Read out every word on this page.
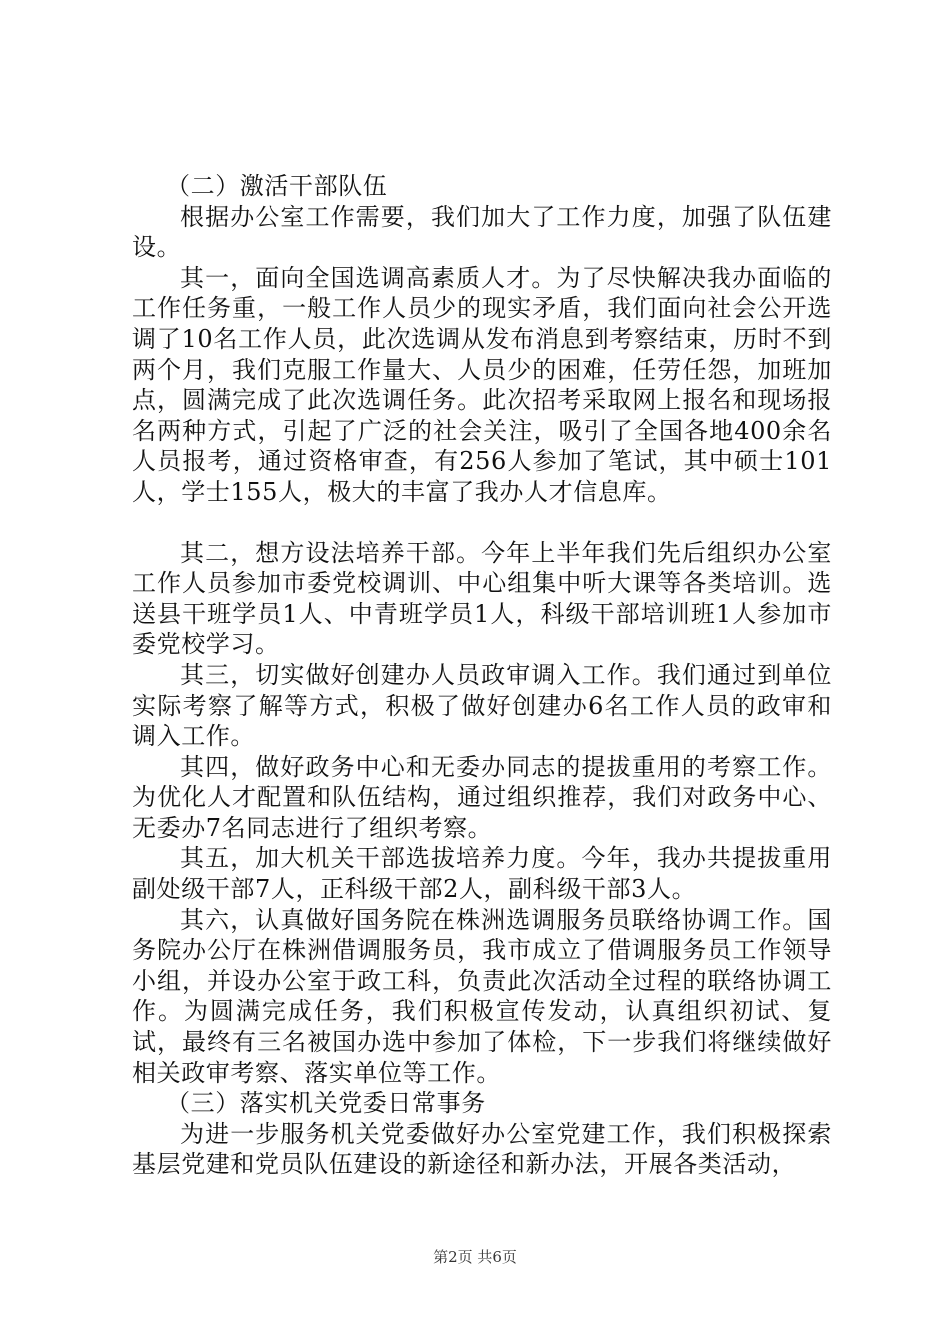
（二）激活干部队伍

根据办公室工作需要，我们加大了工作力度，加强了队伍建设。

其一，面向全国选调高素质人才。为了尽快解决我办面临的工作任务重，一般工作人员少的现实矛盾，我们面向社会公开选调了10名工作人员，此次选调从发布消息到考察结束，历时不到两个月，我们克服工作量大、人员少的困难，任劳任怨，加班加点，圆满完成了此次选调任务。此次招考采取网上报名和现场报名两种方式，引起了广泛的社会关注，吸引了全国各地400余名人员报考，通过资格审查，有256人参加了笔试，其中硕士101人，学士155人，极大的丰富了我办人才信息库。

其二，想方设法培养干部。今年上半年我们先后组织办公室工作人员参加市委党校调训、中心组集中听大课等各类培训。选送县干班学员1人、中青班学员1人，科级干部培训班1人参加市委党校学习。

其三，切实做好创建办人员政审调入工作。我们通过到单位实际考察了解等方式，积极了做好创建办6名工作人员的政审和调入工作。

其四，做好政务中心和无委办同志的提拔重用的考察工作。为优化人才配置和队伍结构，通过组织推荐，我们对政务中心、无委办7名同志进行了组织考察。

其五，加大机关干部选拔培养力度。今年，我办共提拔重用副处级干部7人，正科级干部2人，副科级干部3人。

其六，认真做好国务院在株洲选调服务员联络协调工作。国务院办公厅在株洲借调服务员，我市成立了借调服务员工作领导小组，并设办公室于政工科，负责此次活动全过程的联络协调工作。为圆满完成任务，我们积极宣传发动，认真组织初试、复试，最终有三名被国办选中参加了体检，下一步我们将继续做好相关政审考察、落实单位等工作。

（三）落实机关党委日常事务

为进一步服务机关党委做好办公室党建工作，我们积极探索基层党建和党员队伍建设的新途径和新办法，开展各类活动，

第2页 共6页
